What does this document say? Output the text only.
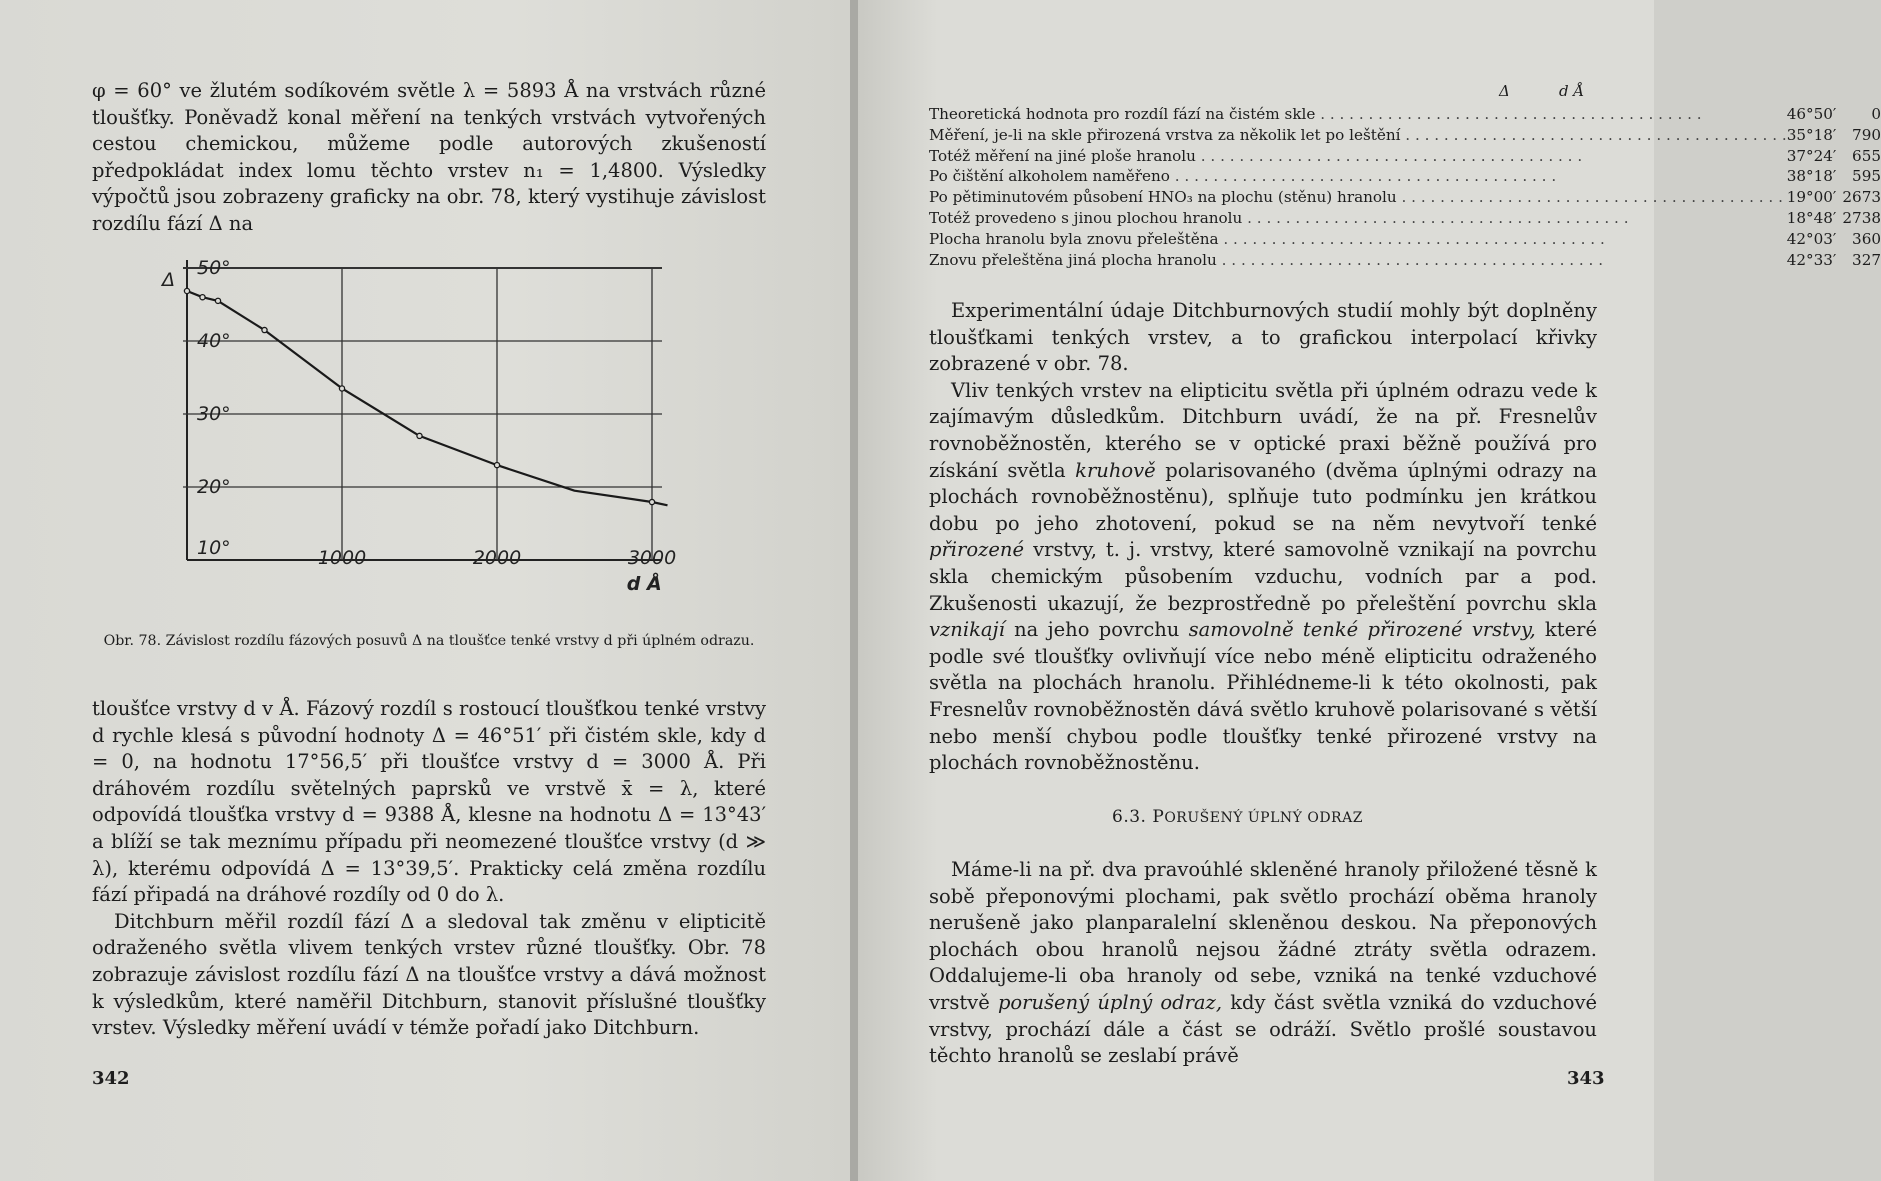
φ = 60° ve žlutém sodíkovém světle λ = 5893 Å na vrstvách různé tloušťky. Poněvadž konal měření na tenkých vrstvách vytvořených cestou chemickou, můžeme podle autorových zkušeností předpokládat index lomu těchto vrstev n₁ = 1,4800. Výsledky výpočtů jsou zobrazeny graficky na obr. 78, který vystihuje závislost rozdílu fází Δ na

10°
20°
30°
40°
50°
1000	2000	3000
Δ
d Å
Obr. 78. Závislost rozdílu fázových posuvů Δ na tloušťce tenké vrstvy d při úplném odrazu.

tloušťce vrstvy d v Å. Fázový rozdíl s rostoucí tloušťkou tenké vrstvy d rychle klesá s původní hodnoty Δ = 46°51′ při čistém skle, kdy d = 0, na hodnotu 17°56,5′ při tloušťce vrstvy d = 3000 Å. Při dráhovém rozdílu světelných paprsků ve vrstvě x̄ = λ, které odpovídá tloušťka vrstvy d = 9388 Å, klesne na hodnotu Δ = 13°43′ a blíží se tak meznímu případu při neomezené tloušťce vrstvy (d ≫ λ), kterému odpovídá Δ = 13°39,5′. Prakticky celá změna rozdílu fází připadá na dráhové rozdíly od 0 do λ.

Ditchburn měřil rozdíl fází Δ a sledoval tak změnu v elipticitě odraženého světla vlivem tenkých vrstev různé tloušťky. Obr. 78 zobrazuje závislost rozdílu fází Δ na tloušťce vrstvy a dává možnost k výsledkům, které naměřil Ditchburn, stanovit příslušné tloušťky vrstev. Výsledky měření uvádí v témže pořadí jako Ditchburn.

342
Δ	d Å
Theoretická hodnota pro rozdíl fází na čistém skle . . . . . . . . . . . . . . . . . . . . . . . . . . . . . . . . . . . . . . . .	46°50′	0
Měření, je-li na skle přirozená vrstva za několik let po leštění . . . . . . . . . . . . . . . . . . . . . . . . . . . . . . . . . . . . . . . .	35°18′	790
Totéž měření na jiné ploše hranolu . . . . . . . . . . . . . . . . . . . . . . . . . . . . . . . . . . . . . . . .	37°24′	655
Po čištění alkoholem naměřeno . . . . . . . . . . . . . . . . . . . . . . . . . . . . . . . . . . . . . . . .	38°18′	595
Po pětiminutovém působení HNO₃ na plochu (stěnu) hranolu . . . . . . . . . . . . . . . . . . . . . . . . . . . . . . . . . . . . . . . .	19°00′	2673
Totéž provedeno s jinou plochou hranolu . . . . . . . . . . . . . . . . . . . . . . . . . . . . . . . . . . . . . . . .	18°48′	2738
Plocha hranolu byla znovu přeleštěna . . . . . . . . . . . . . . . . . . . . . . . . . . . . . . . . . . . . . . . .	42°03′	360
Znovu přeleštěna jiná plocha hranolu . . . . . . . . . . . . . . . . . . . . . . . . . . . . . . . . . . . . . . . .	42°33′	327

Experimentální údaje Ditchburnových studií mohly být doplněny tloušťkami tenkých vrstev, a to grafickou interpolací křivky zobrazené v obr. 78.

Vliv tenkých vrstev na elipticitu světla při úplném odrazu vede k zajímavým důsledkům. Ditchburn uvádí, že na př. Fresnelův rovnoběžnostěn, kterého se v optické praxi běžně používá pro získání světla kruhově polarisovaného (dvěma úplnými odrazy na plochách rovnoběžnostěnu), splňuje tuto podmínku jen krátkou dobu po jeho zhotovení, pokud se na něm nevytvoří tenké přirozené vrstvy, t. j. vrstvy, které samovolně vznikají na povrchu skla chemickým působením vzduchu, vodních par a pod. Zkušenosti ukazují, že bezprostředně po přeleštění povrchu skla vznikají na jeho povrchu samovolně tenké přirozené vrstvy, které podle své tloušťky ovlivňují více nebo méně elipticitu odraženého světla na plochách hranolu. Přihlédneme-li k této okolnosti, pak Fresnelův rovnoběžnostěn dává světlo kruhově polarisované s větší nebo menší chybou podle tloušťky tenké přirozené vrstvy na plochách rovnoběžnostěnu.

6.3. PORUŠENÝ ÚPLNÝ ODRAZ

Máme-li na př. dva pravoúhlé skleněné hranoly přiložené těsně k sobě přeponovými plochami, pak světlo prochází oběma hranoly nerušeně jako planparalelní skleněnou deskou. Na přeponových plochách obou hranolů nejsou žádné ztráty světla odrazem. Oddalujeme-li oba hranoly od sebe, vzniká na tenké vzduchové vrstvě porušený úplný odraz, kdy část světla vzniká do vzduchové vrstvy, prochází dále a část se odráží. Světlo prošlé soustavou těchto hranolů se zeslabí právě

343
